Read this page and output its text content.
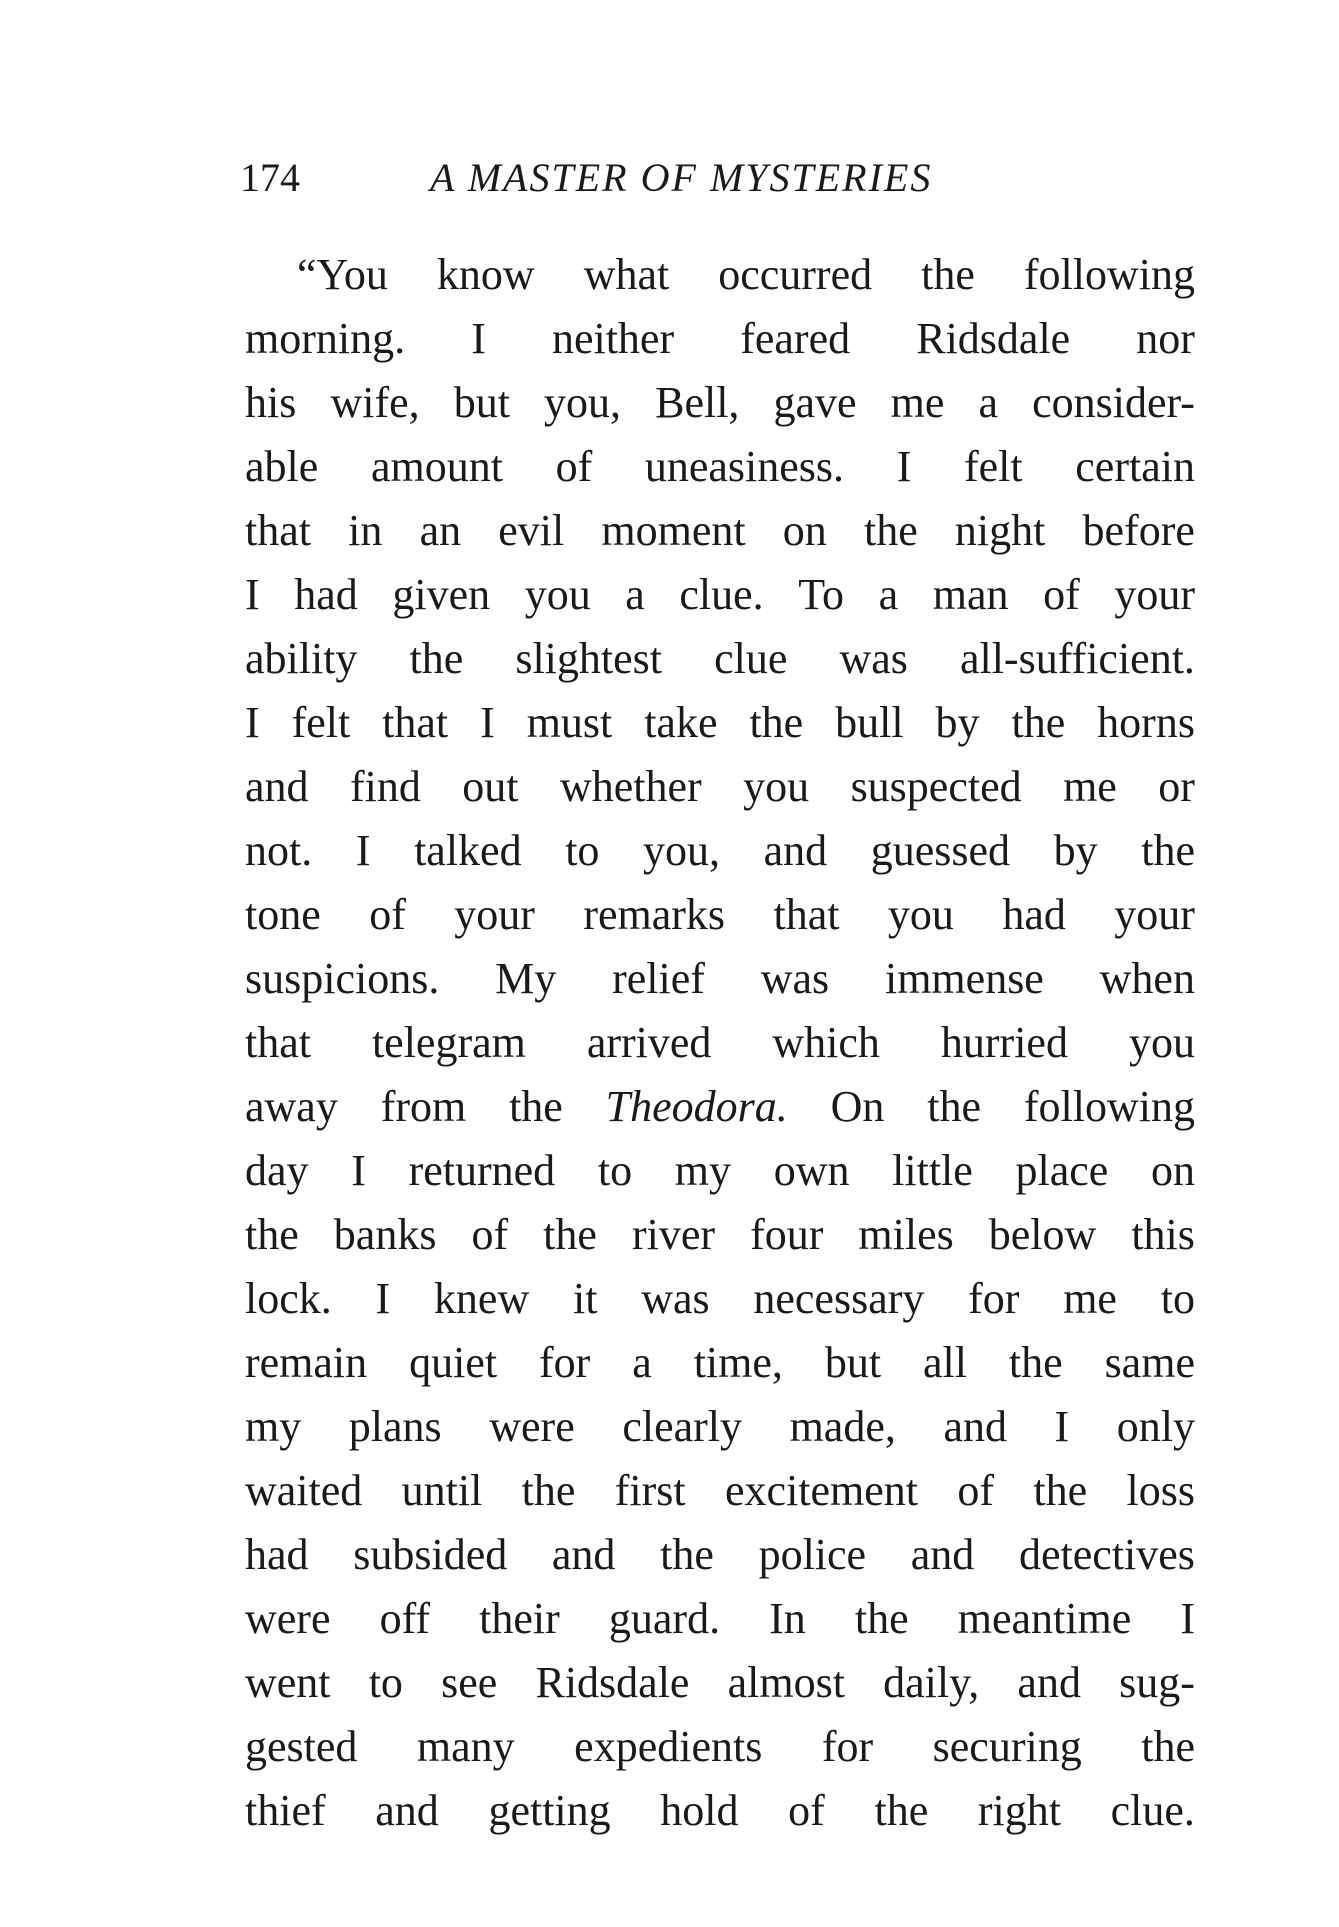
174	A MASTER OF MYSTERIES
“You know what occurred the following
morning. I neither feared Ridsdale nor
his wife, but you, Bell, gave me a consider-
able amount of uneasiness. I felt certain
that in an evil moment on the night before
I had given you a clue. To a man of your
ability the slightest clue was all-sufficient.
I felt that I must take the bull by the horns
and find out whether you suspected me or
not. I talked to you, and guessed by the
tone of your remarks that you had your
suspicions. My relief was immense when
that telegram arrived which hurried you
away from the Theodora. On the following
day I returned to my own little place on
the banks of the river four miles below this
lock. I knew it was necessary for me to
remain quiet for a time, but all the same
my plans were clearly made, and I only
waited until the first excitement of the loss
had subsided and the police and detectives
were off their guard. In the meantime I
went to see Ridsdale almost daily, and sug-
gested many expedients for securing the
thief and getting hold of the right clue.
